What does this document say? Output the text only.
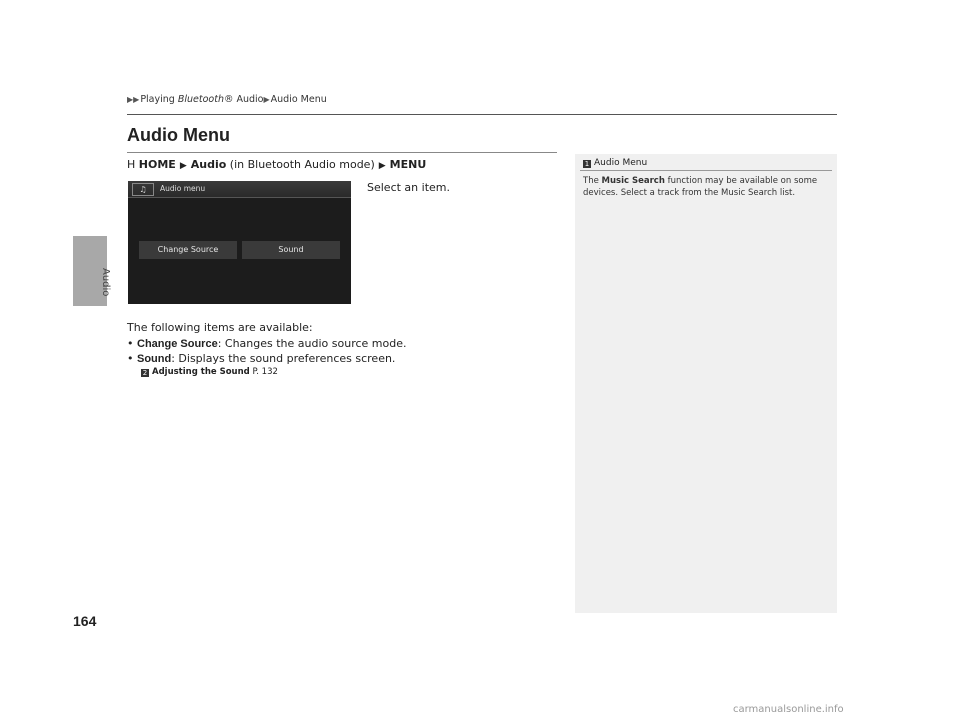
Audio
▶▶Playing Bluetooth® Audio▶Audio Menu
Audio Menu
H HOME ▶ Audio (in Bluetooth Audio mode) ▶ MENU
♫	Audio menu
Change Source	Sound
Select an item.
The following items are available:
• Change Source: Changes the audio source mode.
• Sound: Displays the sound preferences screen.
2 Adjusting the Sound P. 132
1 Audio Menu
The Music Search function may be available on some devices. Select a track from the Music Search list.
164
carmanualsonline.info
